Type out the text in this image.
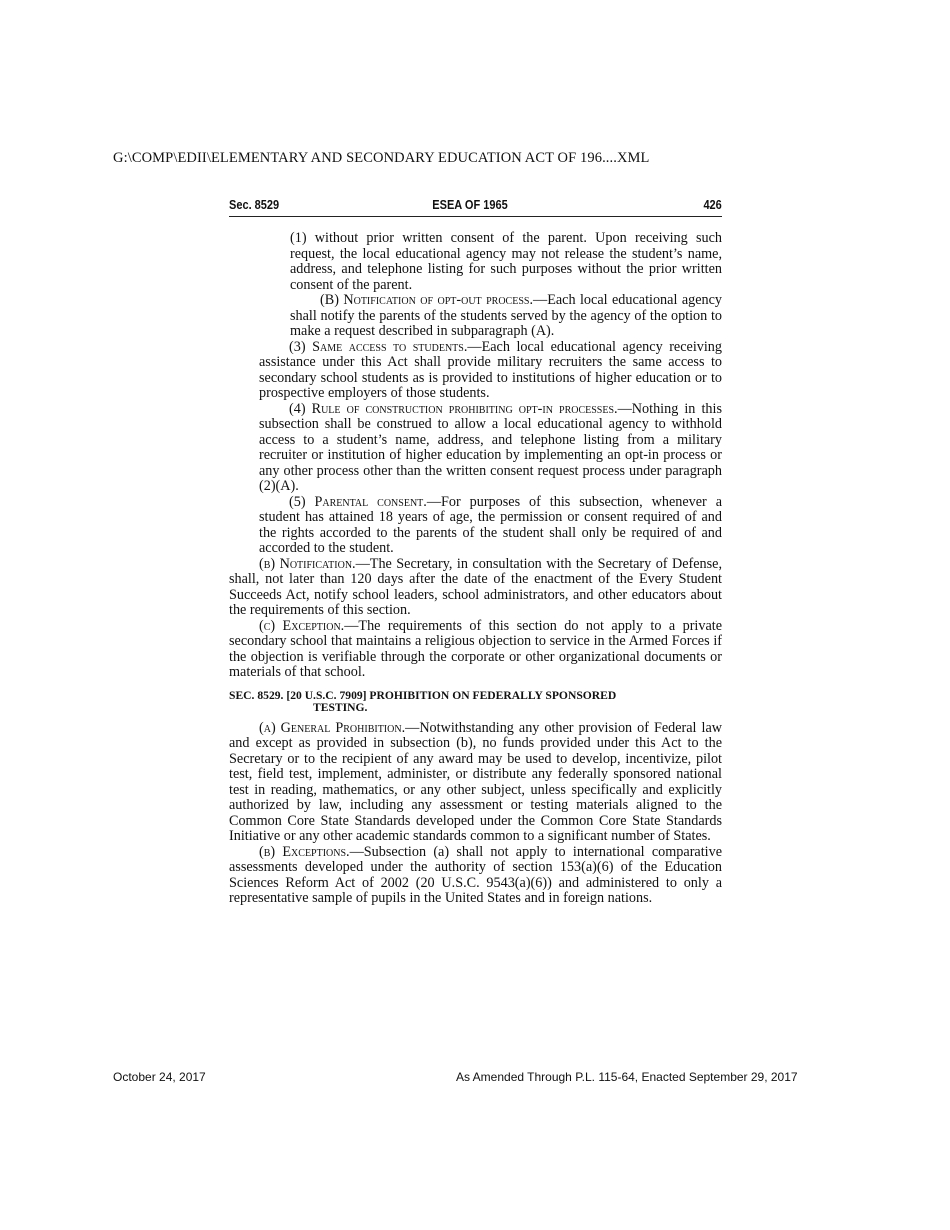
G:\COMP\EDII\ELEMENTARY AND SECONDARY EDUCATION ACT OF 196....XML
Sec. 8529	ESEA OF 1965	426

(1) without prior written consent of the parent. Upon receiving such request, the local educational agency may not release the student’s name, address, and telephone listing for such purposes without the prior written consent of the parent.

(B) Notification of opt-out process.—Each local educational agency shall notify the parents of the students served by the agency of the option to make a request described in subparagraph (A).

(3) Same access to students.—Each local educational agency receiving assistance under this Act shall provide military recruiters the same access to secondary school students as is provided to institutions of higher education or to prospective employers of those students.

(4) Rule of construction prohibiting opt-in processes.—Nothing in this subsection shall be construed to allow a local educational agency to withhold access to a student’s name, address, and telephone listing from a military recruiter or institution of higher education by implementing an opt-in process or any other process other than the written consent request process under paragraph (2)(A).

(5) Parental consent.—For purposes of this subsection, whenever a student has attained 18 years of age, the permission or consent required of and the rights accorded to the parents of the student shall only be required of and accorded to the student.

(b) Notification.—The Secretary, in consultation with the Secretary of Defense, shall, not later than 120 days after the date of the enactment of the Every Student Succeeds Act, notify school leaders, school administrators, and other educators about the requirements of this section.

(c) Exception.—The requirements of this section do not apply to a private secondary school that maintains a religious objection to service in the Armed Forces if the objection is verifiable through the corporate or other organizational documents or materials of that school.

SEC. 8529. [20 U.S.C. 7909] PROHIBITION ON FEDERALLY SPONSORED
TESTING.

(a) General Prohibition.—Notwithstanding any other provision of Federal law and except as provided in subsection (b), no funds provided under this Act to the Secretary or to the recipient of any award may be used to develop, incentivize, pilot test, field test, implement, administer, or distribute any federally sponsored national test in reading, mathematics, or any other subject, unless specifically and explicitly authorized by law, including any assessment or testing materials aligned to the Common Core State Standards developed under the Common Core State Standards Initiative or any other academic standards common to a significant number of States.

(b) Exceptions.—Subsection (a) shall not apply to international comparative assessments developed under the authority of section 153(a)(6) of the Education Sciences Reform Act of 2002 (20 U.S.C. 9543(a)(6)) and administered to only a representative sample of pupils in the United States and in foreign nations.

October 24, 2017	As Amended Through P.L. 115-64, Enacted September 29, 2017
